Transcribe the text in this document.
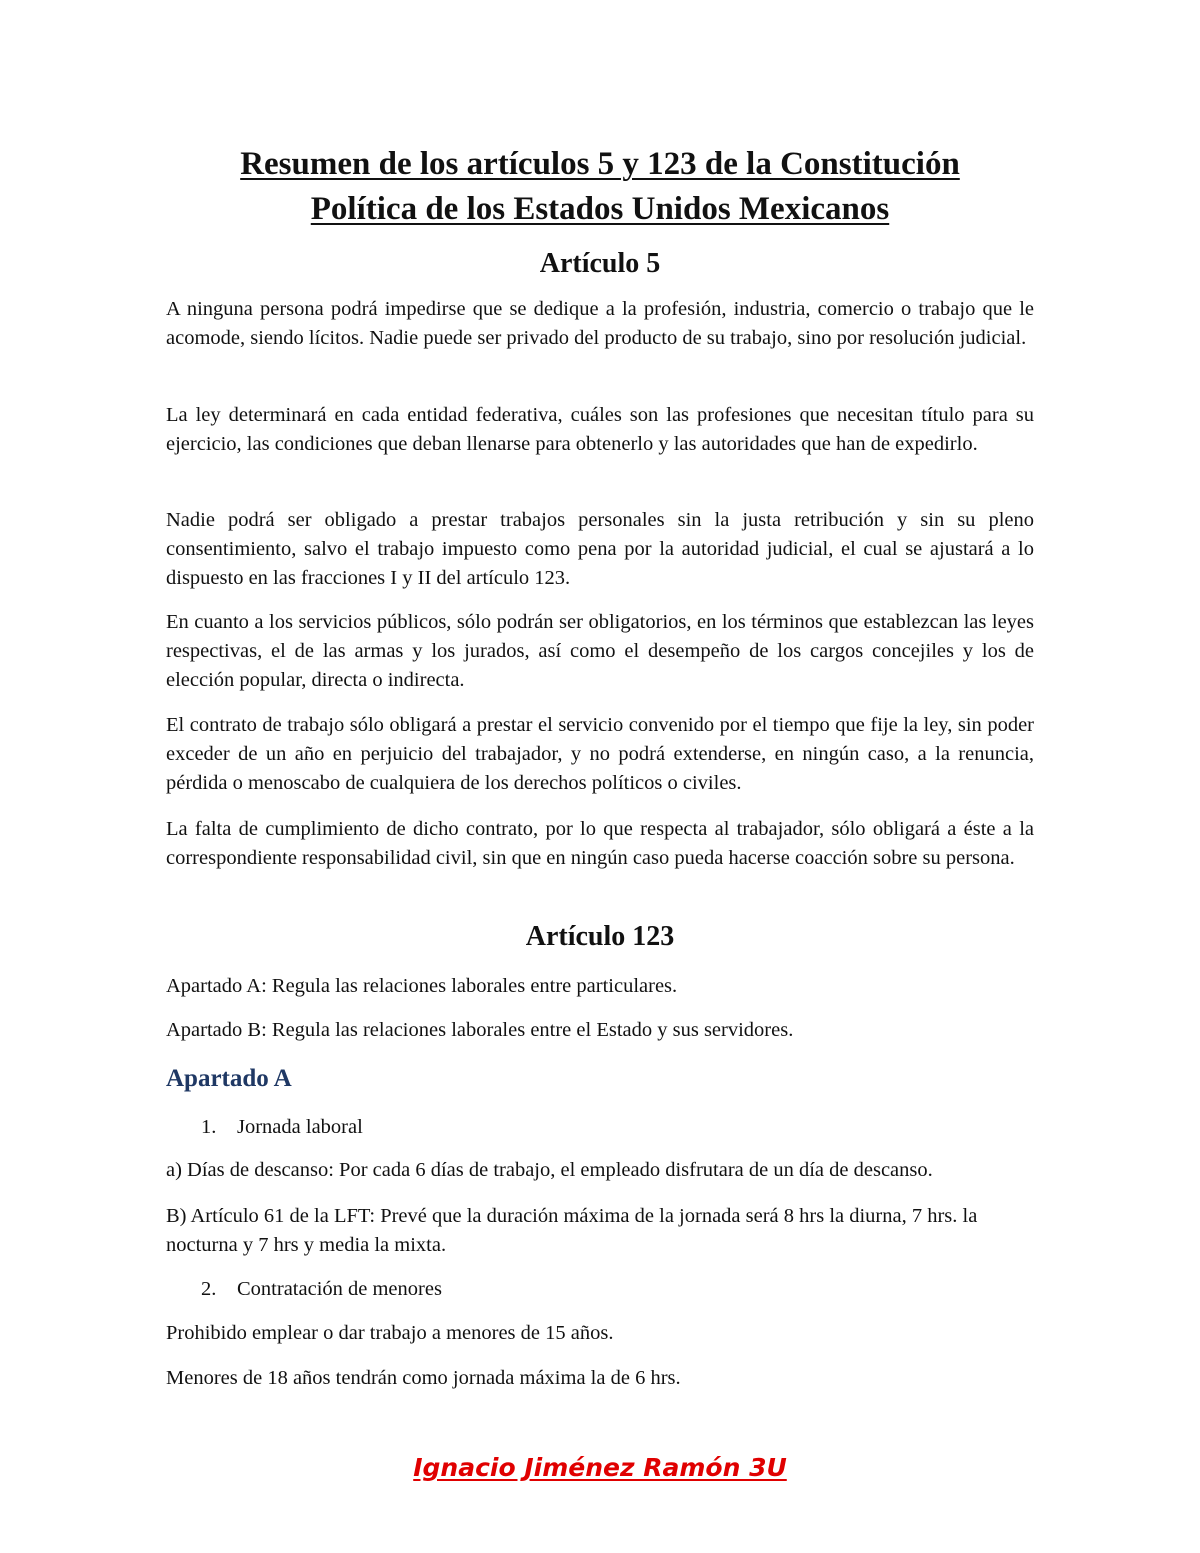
Resumen de los artículos 5 y 123 de la Constitución
Política de los Estados Unidos Mexicanos
Artículo 5

A ninguna persona podrá impedirse que se dedique a la profesión, industria, comercio o trabajo que le acomode, siendo lícitos. Nadie puede ser privado del producto de su trabajo, sino por resolución judicial.

La ley determinará en cada entidad federativa, cuáles son las profesiones que necesitan título para su ejercicio, las condiciones que deban llenarse para obtenerlo y las autoridades que han de expedirlo.

Nadie podrá ser obligado a prestar trabajos personales sin la justa retribución y sin su pleno consentimiento, salvo el trabajo impuesto como pena por la autoridad judicial, el cual se ajustará a lo dispuesto en las fracciones I y II del artículo 123.

En cuanto a los servicios públicos, sólo podrán ser obligatorios, en los términos que establezcan las leyes respectivas, el de las armas y los jurados, así como el desempeño de los cargos concejiles y los de elección popular, directa o indirecta.

El contrato de trabajo sólo obligará a prestar el servicio convenido por el tiempo que fije la ley, sin poder exceder de un año en perjuicio del trabajador, y no podrá extenderse, en ningún caso, a la renuncia, pérdida o menoscabo de cualquiera de los derechos políticos o civiles.

La falta de cumplimiento de dicho contrato, por lo que respecta al trabajador, sólo obligará a éste a la correspondiente responsabilidad civil, sin que en ningún caso pueda hacerse coacción sobre su persona.

Artículo 123

Apartado A: Regula las relaciones laborales entre particulares.

Apartado B: Regula las relaciones laborales entre el Estado y sus servidores.

Apartado A
1. Jornada laboral

a) Días de descanso: Por cada 6 días de trabajo, el empleado disfrutara de un día de descanso.

B) Artículo 61 de la LFT: Prevé que la duración máxima de la jornada será 8 hrs la diurna, 7 hrs. la nocturna y 7 hrs y media la mixta.

2. Contratación de menores

Prohibido emplear o dar trabajo a menores de 15 años.

Menores de 18 años tendrán como jornada máxima la de 6 hrs.

Ignacio Jiménez Ramón 3U
